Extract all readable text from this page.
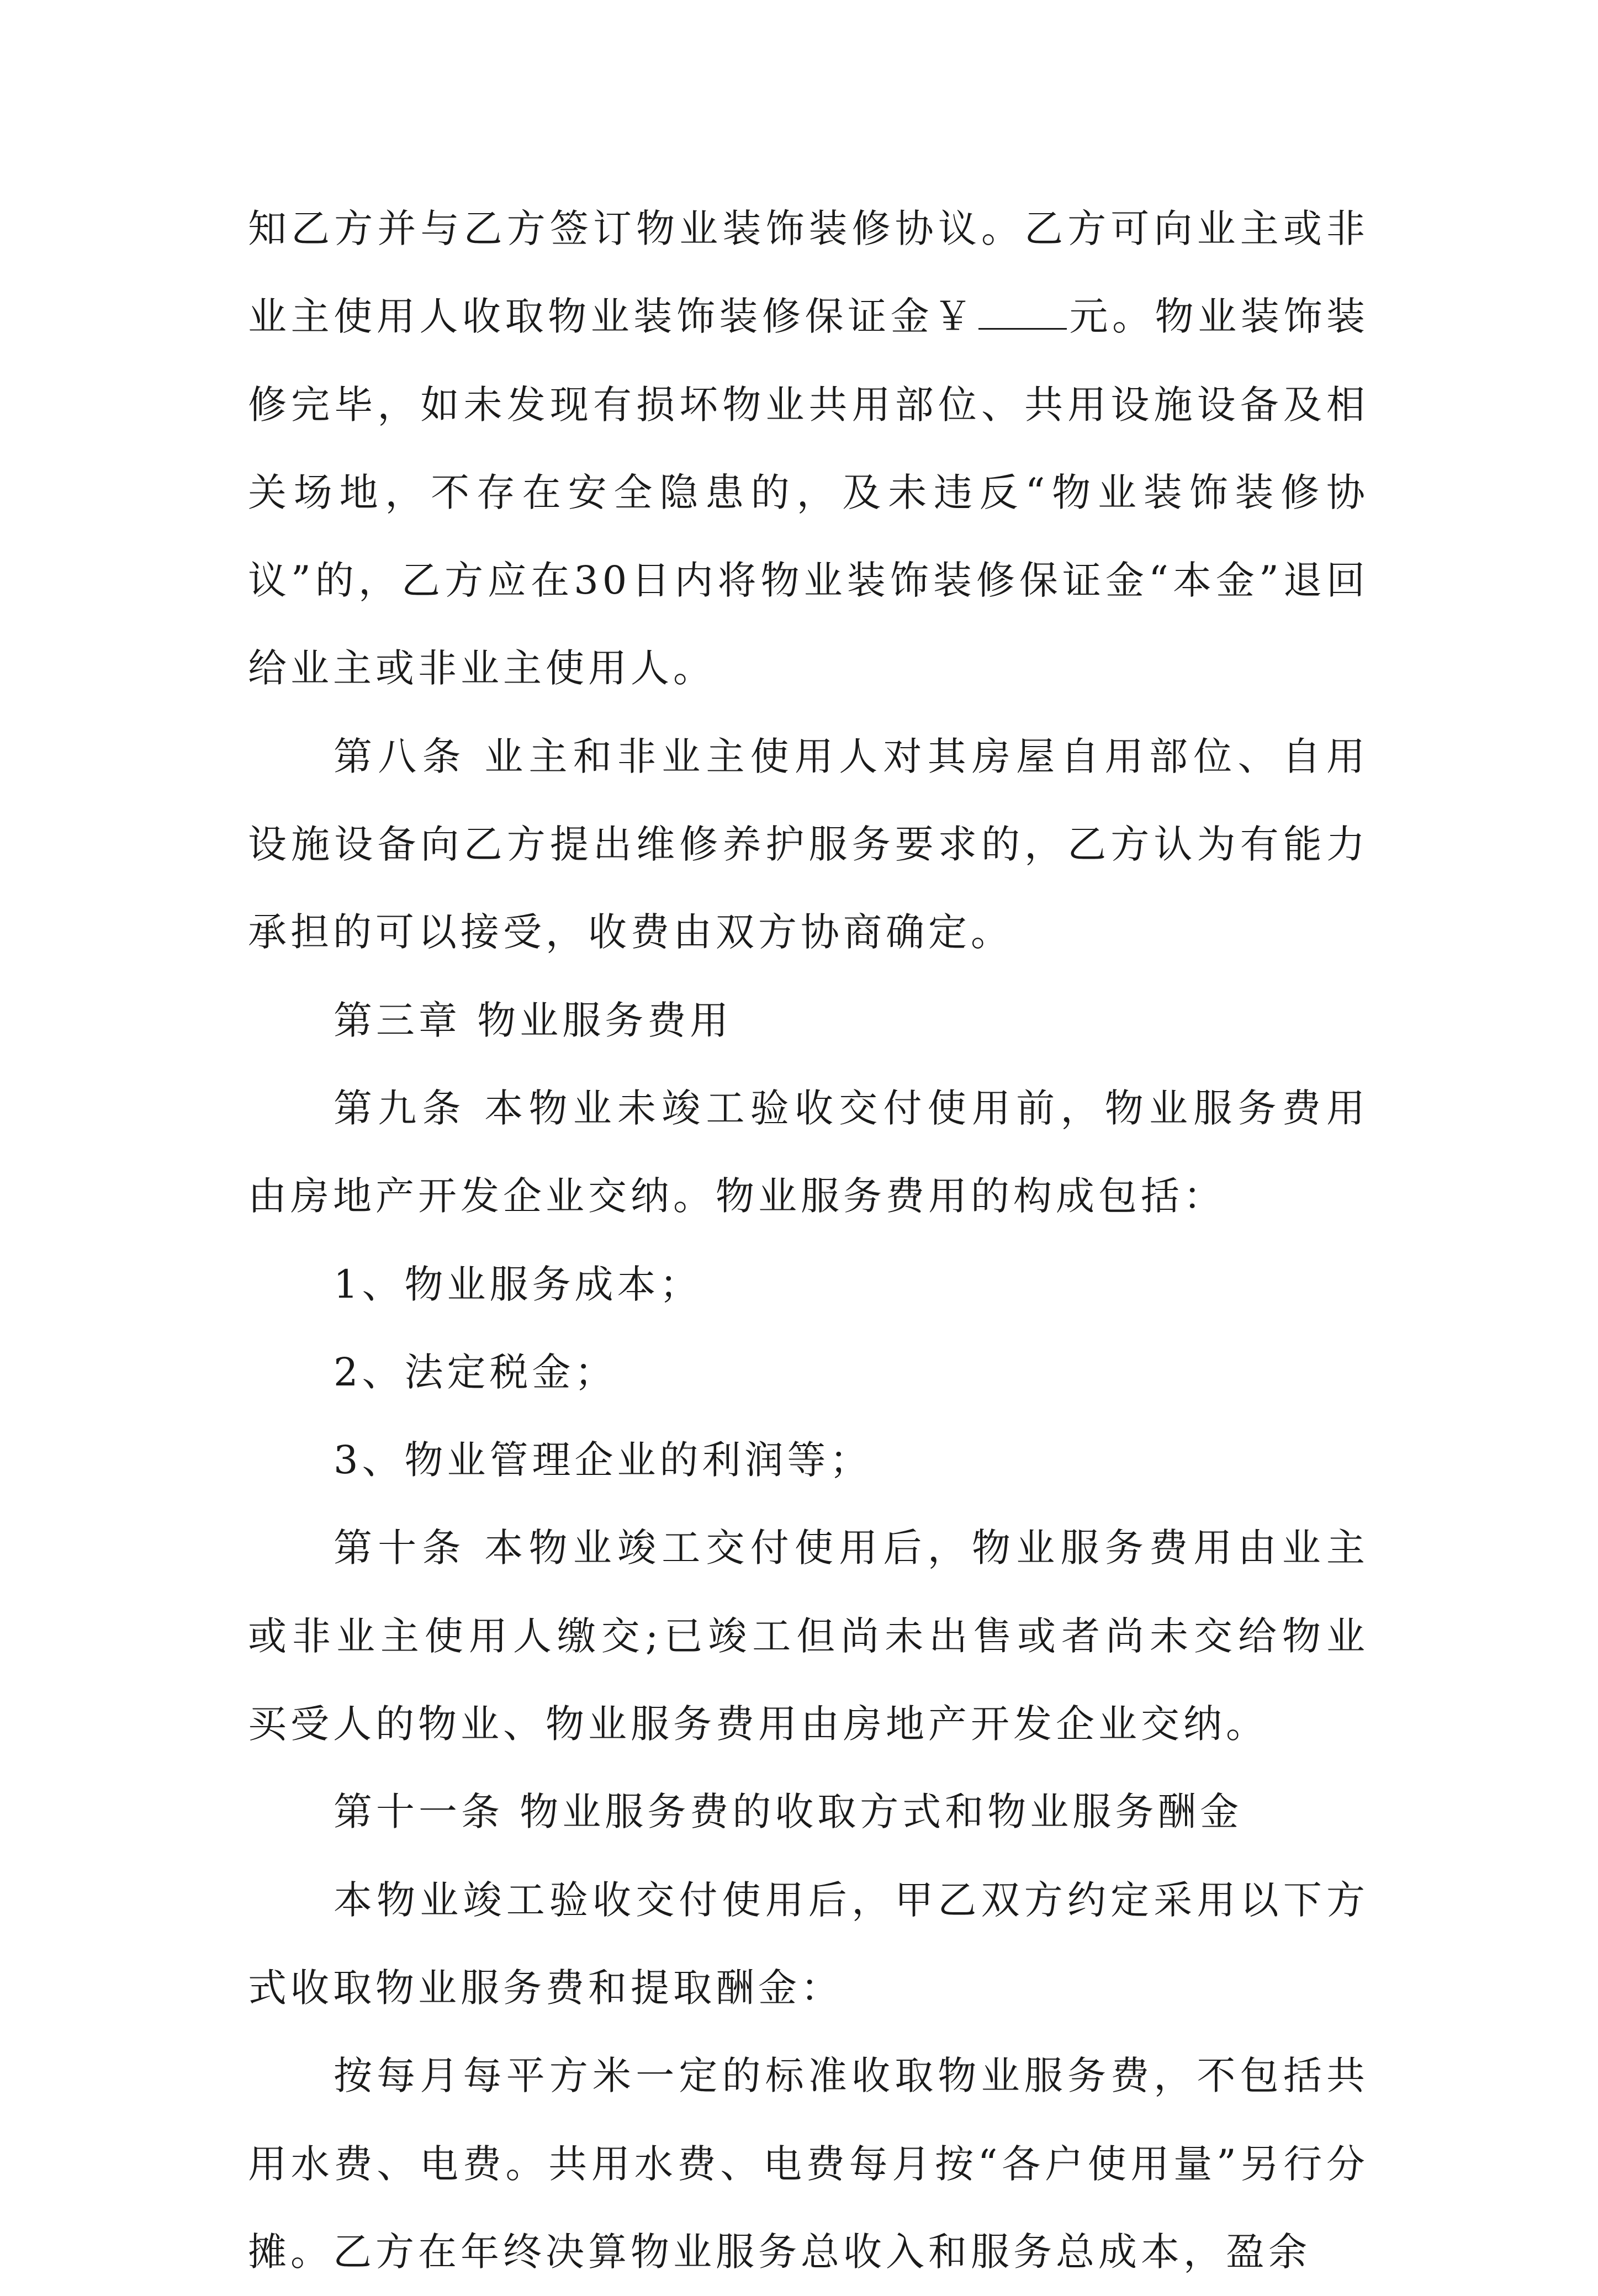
知乙方并与乙方签订物业装饰装修协议。乙方可向业主或非业主使用人收取物业装饰装修保证金￥ 元。物业装饰装修完毕，如未发现有损坏物业共用部位、共用设施设备及相关场地，不存在安全隐患的，及未违反“物业装饰装修协议”的，乙方应在30日内将物业装饰装修保证金“本金”退回给业主或非业主使用人。

第八条 业主和非业主使用人对其房屋自用部位、自用设施设备向乙方提出维修养护服务要求的，乙方认为有能力承担的可以接受，收费由双方协商确定。

第三章 物业服务费用

第九条 本物业未竣工验收交付使用前，物业服务费用由房地产开发企业交纳。物业服务费用的构成包括：

1、物业服务成本；

2、法定税金；

3、物业管理企业的利润等；

第十条 本物业竣工交付使用后，物业服务费用由业主或非业主使用人缴交;已竣工但尚未出售或者尚未交给物业买受人的物业、物业服务费用由房地产开发企业交纳。

第十一条 物业服务费的收取方式和物业服务酬金

本物业竣工验收交付使用后，甲乙双方约定采用以下方式收取物业服务费和提取酬金：

按每月每平方米一定的标准收取物业服务费，不包括共用水费、电费。共用水费、电费每月按“各户使用量”另行分摊。乙方在年终决算物业服务总收入和服务总成本，盈余
